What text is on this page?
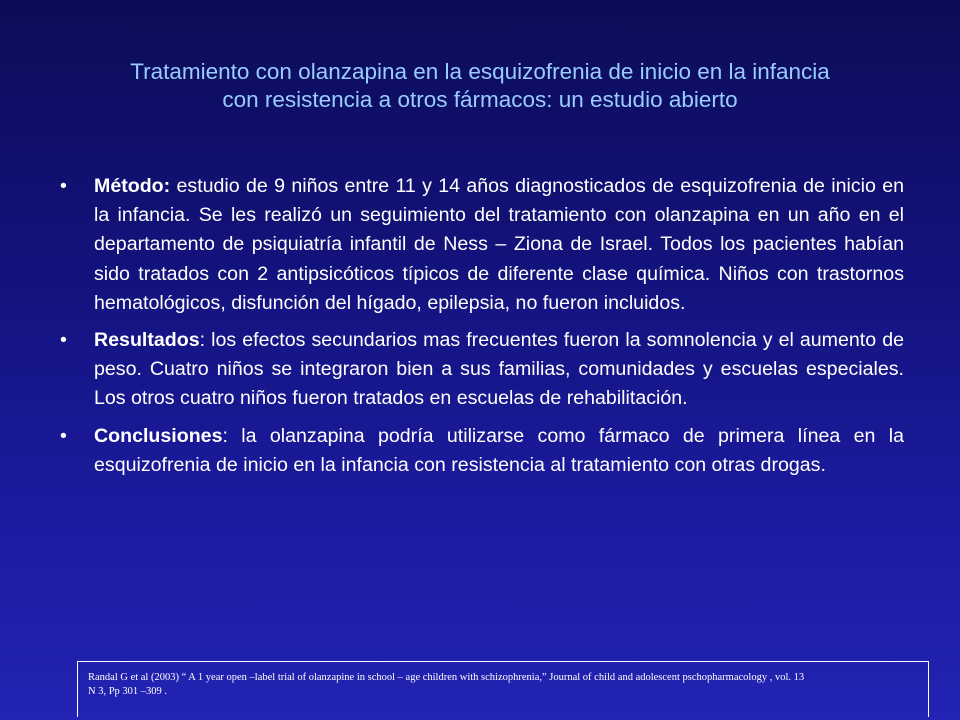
Tratamiento con olanzapina en la esquizofrenia de inicio en la infancia
con resistencia a otros fármacos: un estudio abierto
• Método: estudio de 9 niños entre 11 y 14 años diagnosticados de esquizofrenia de inicio en la infancia. Se les realizó un seguimiento del tratamiento con olanzapina en un año en el departamento de psiquiatría infantil de Ness – Ziona de Israel. Todos los pacientes habían sido tratados con 2 antipsicóticos típicos de diferente clase química. Niños con trastornos hematológicos, disfunción del hígado, epilepsia, no fueron incluidos.
• Resultados: los efectos secundarios mas frecuentes fueron la somnolencia y el aumento de peso. Cuatro niños se integraron bien a sus familias, comunidades y escuelas especiales. Los otros cuatro niños fueron tratados en escuelas de rehabilitación.
• Conclusiones: la olanzapina podría utilizarse como fármaco de primera línea en la esquizofrenia de inicio en la infancia con resistencia al tratamiento con otras drogas.
Randal G et al (2003) “ A 1 year open –label trial of olanzapine in school – age children with schizophrenia,” Journal of child and adolescent pschopharmacology , vol. 13
N 3, Pp 301 –309 .
